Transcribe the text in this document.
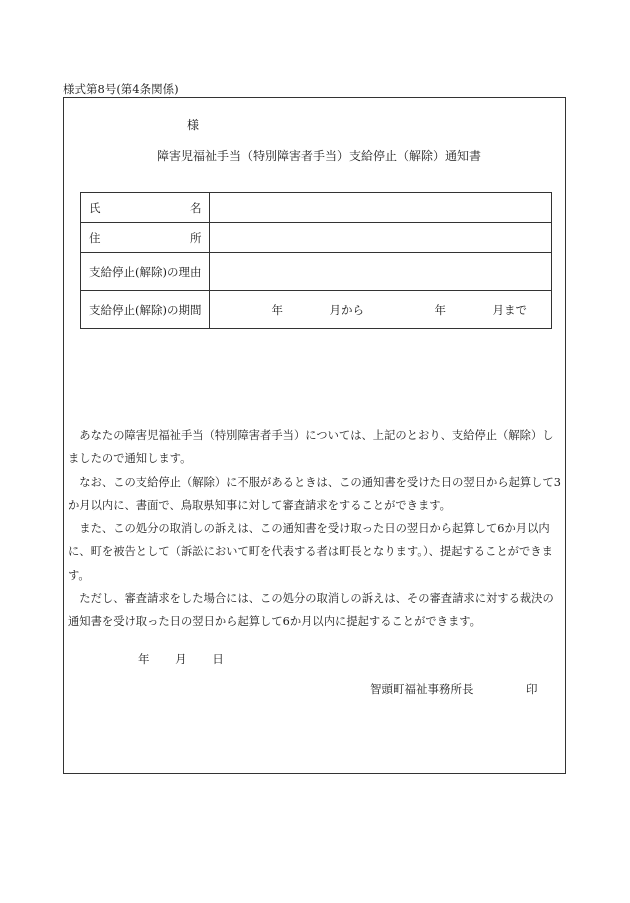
様式第8号(第4条関係)
様
障害児福祉手当（特別障害者手当）支給停止（解除）通知書
氏 名	

住 所	

支給停止(解除)の理由	
支給停止(解除)の期間	年 月から 年 月まで

あなたの障害児福祉手当（特別障害者手当）については、上記のとおり、支給停止（解除）しましたので通知します。

なお、この支給停止（解除）に不服があるときは、この通知書を受けた日の翌日から起算して3か月以内に、書面で、鳥取県知事に対して審査請求をすることができます。

また、この処分の取消しの訴えは、この通知書を受け取った日の翌日から起算して6か月以内に、町を被告として（訴訟において町を代表する者は町長となります。）、提起することができます。

ただし、審査請求をした場合には、この処分の取消しの訴えは、その審査請求に対する裁決の通知書を受け取った日の翌日から起算して6か月以内に提起することができます。

年 月 日
智頭町福祉事務所長	印
